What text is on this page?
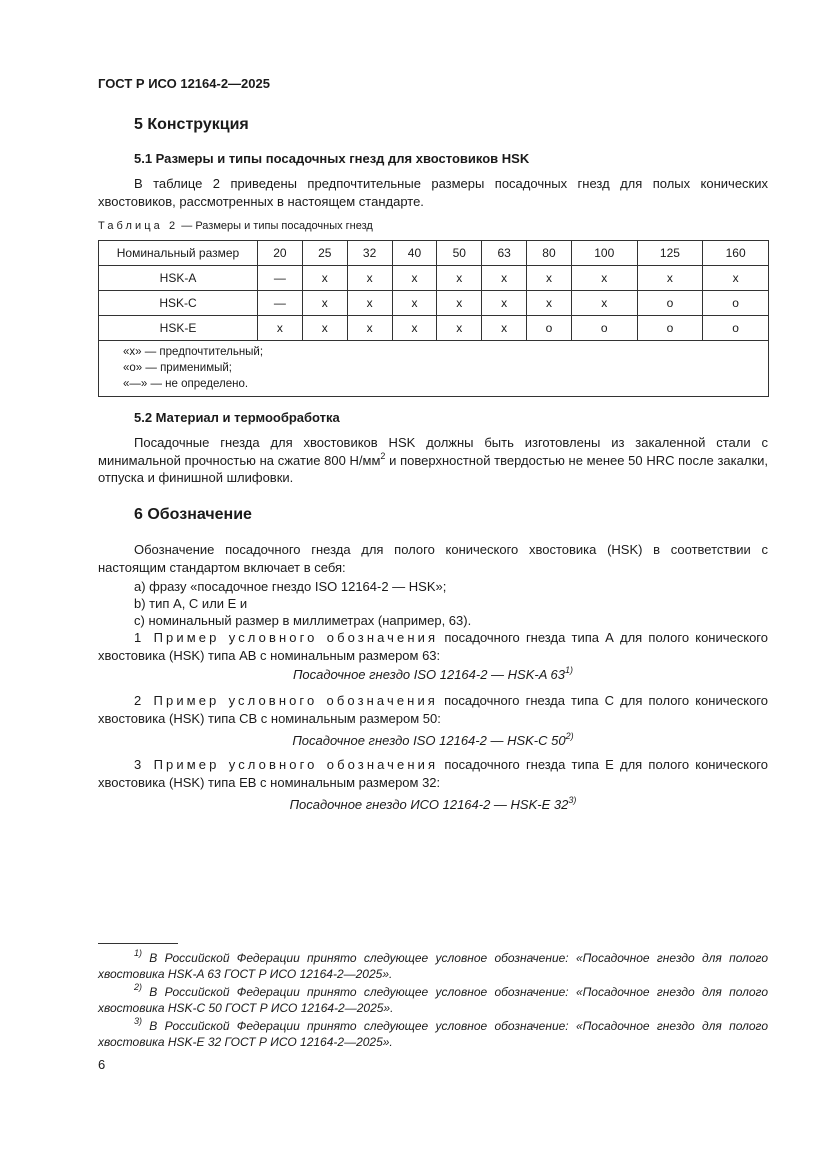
ГОСТ Р ИСО 12164-2—2025
5 Конструкция
5.1 Размеры и типы посадочных гнезд для хвостовиков HSK
В таблице 2 приведены предпочтительные размеры посадочных гнезд для полых конических хвостовиков, рассмотренных в настоящем стандарте.
Таблица 2 — Размеры и типы посадочных гнезд
Номинальный размер	20	25	32	40	50	63	80	100	125	160
HSK-A	—	x	x	x	x	x	x	x	x	x
HSK-C	—	x	x	x	x	x	x	x	o	o
HSK-E	x	x	x	x	x	x	o	o	o	o

«x» — предпочтительный;
«o» — применимый;
«—» — не определено.										
5.2 Материал и термообработка
Посадочные гнезда для хвостовиков HSK должны быть изготовлены из закаленной стали с минимальной прочностью на сжатие 800 $Н/мм^2$ и поверхностной твердостью не менее 50 HRC после закалки, отпуска и финишной шлифовки.
6 Обозначение
Обозначение посадочного гнезда для полого конического хвостовика (HSK) в соответствии с настоящим стандартом включает в себя:
a) фразу «посадочное гнездо ISO 12164-2 — HSK»;
b) тип А, С или Е и
с) номинальный размер в миллиметрах (например, 63).
1 Пример условного обозначения посадочного гнезда типа А для полого конического хвостовика (HSK) типа AB с номинальным размером 63:
Посадочное гнездо ISO 12164-2 — HSK-A 63$^{1)}$
2 Пример условного обозначения посадочного гнезда типа С для полого конического хвостовика (HSK) типа СВ с номинальным размером 50:
Посадочное гнездо ISO 12164-2 — HSK-C 50$^{2)}$
3 Пример условного обозначения посадочного гнезда типа Е для полого конического хвостовика (HSK) типа ЕВ с номинальным размером 32:
Посадочное гнездо ИСО 12164-2 — HSK-E 32$^{3)}$
$^{1)}$ В Российской Федерации принято следующее условное обозначение: «Посадочное гнездо для полого хвостовика HSK-A 63 ГОСТ Р ИСО 12164-2—2025».
$^{2)}$ В Российской Федерации принято следующее условное обозначение: «Посадочное гнездо для полого хвостовика HSK-C 50 ГОСТ Р ИСО 12164-2—2025».
$^{3)}$ В Российской Федерации принято следующее условное обозначение: «Посадочное гнездо для полого хвостовика HSK-E 32 ГОСТ Р ИСО 12164-2—2025».
6
